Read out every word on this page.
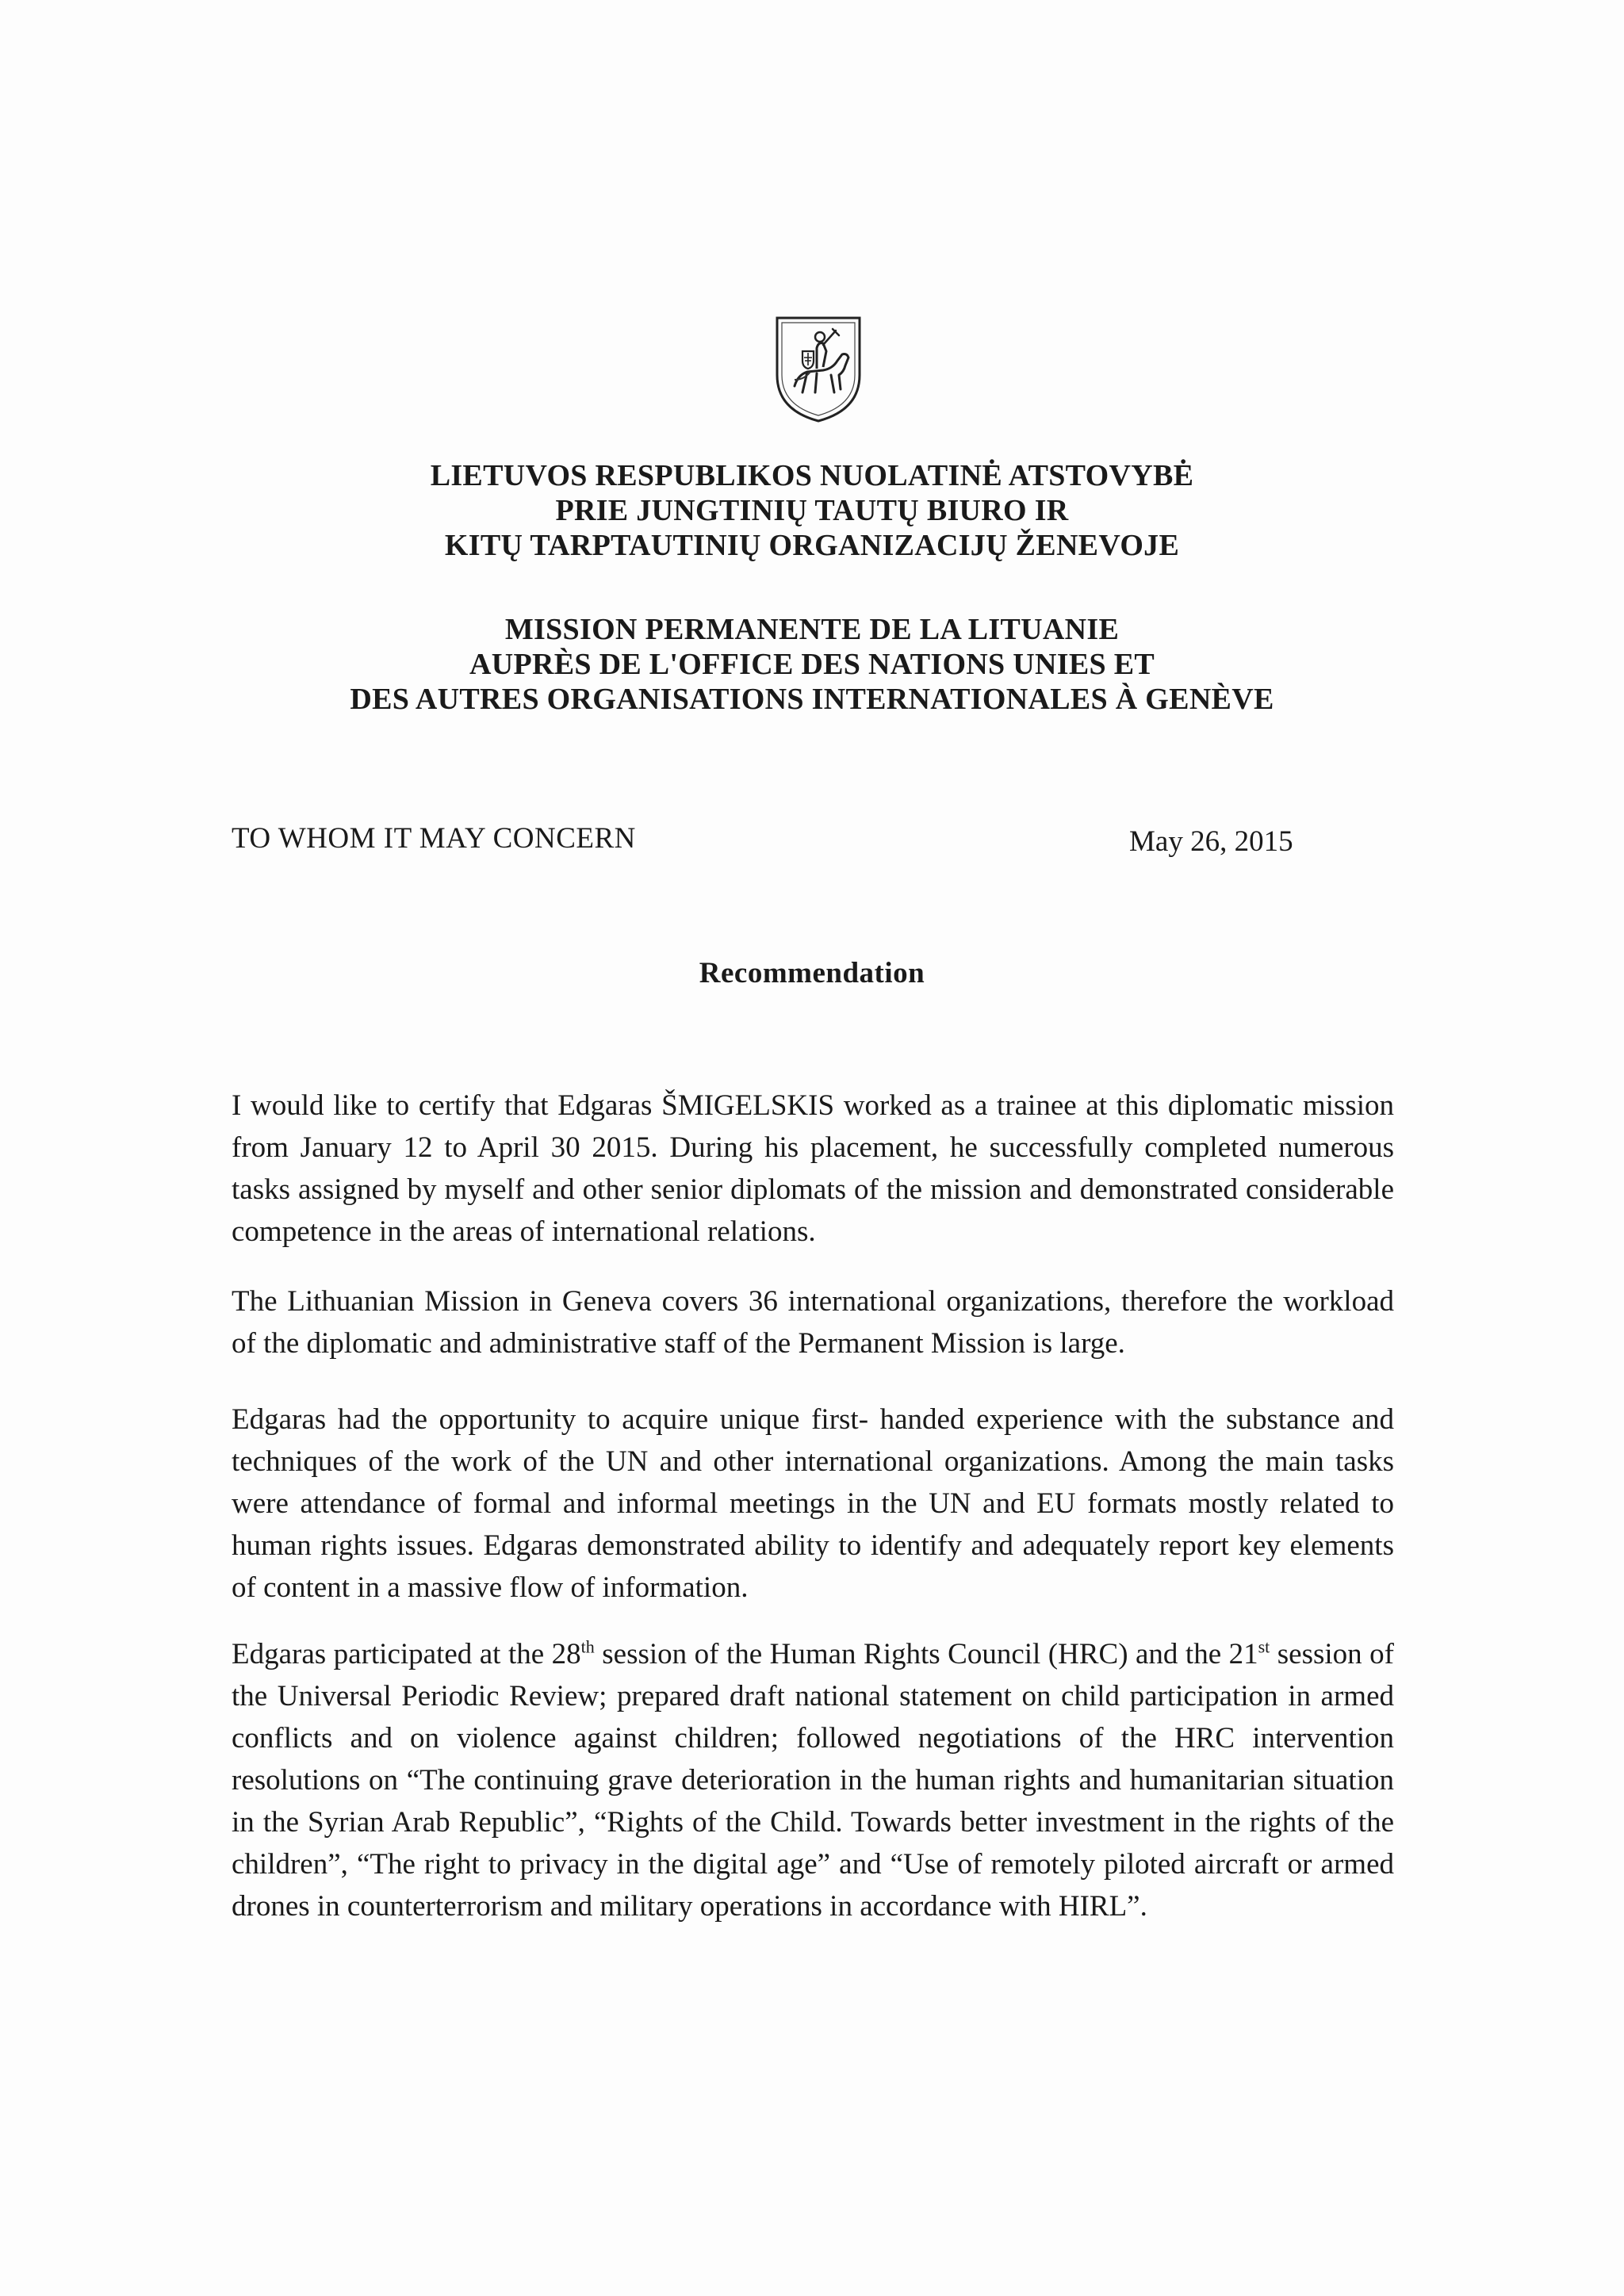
LIETUVOS RESPUBLIKOS NUOLATINĖ ATSTOVYBĖ
PRIE JUNGTINIŲ TAUTŲ BIURO IR
KITŲ TARPTAUTINIŲ ORGANIZACIJŲ ŽENEVOJE
MISSION PERMANENTE DE LA LITUANIE
AUPRÈS DE L'OFFICE DES NATIONS UNIES ET
DES AUTRES ORGANISATIONS INTERNATIONALES À GENÈVE
TO WHOM IT MAY CONCERN	May 26, 2015
Recommendation

I would like to certify that Edgaras ŠMIGELSKIS worked as a trainee at this diplomatic mission from January 12 to April 30 2015. During his placement, he successfully completed numerous tasks assigned by myself and other senior diplomats of the mission and demonstrated considerable competence in the areas of international relations.

The Lithuanian Mission in Geneva covers 36 international organizations, therefore the workload of the diplomatic and administrative staff of the Permanent Mission is large.

Edgaras had the opportunity to acquire unique first- handed experience with the substance and techniques of the work of the UN and other international organizations. Among the main tasks were attendance of formal and informal meetings in the UN and EU formats mostly related to human rights issues. Edgaras demonstrated ability to identify and adequately report key elements of content in a massive flow of information.

Edgaras participated at the 28th session of the Human Rights Council (HRC) and the 21st session of the Universal Periodic Review; prepared draft national statement on child participation in armed conflicts and on violence against children; followed negotiations of the HRC intervention resolutions on “The continuing grave deterioration in the human rights and humanitarian situation in the Syrian Arab Republic”, “Rights of the Child. Towards better investment in the rights of the children”, “The right to privacy in the digital age” and “Use of remotely piloted aircraft or armed drones in counterterrorism and military operations in accordance with HIRL”.
